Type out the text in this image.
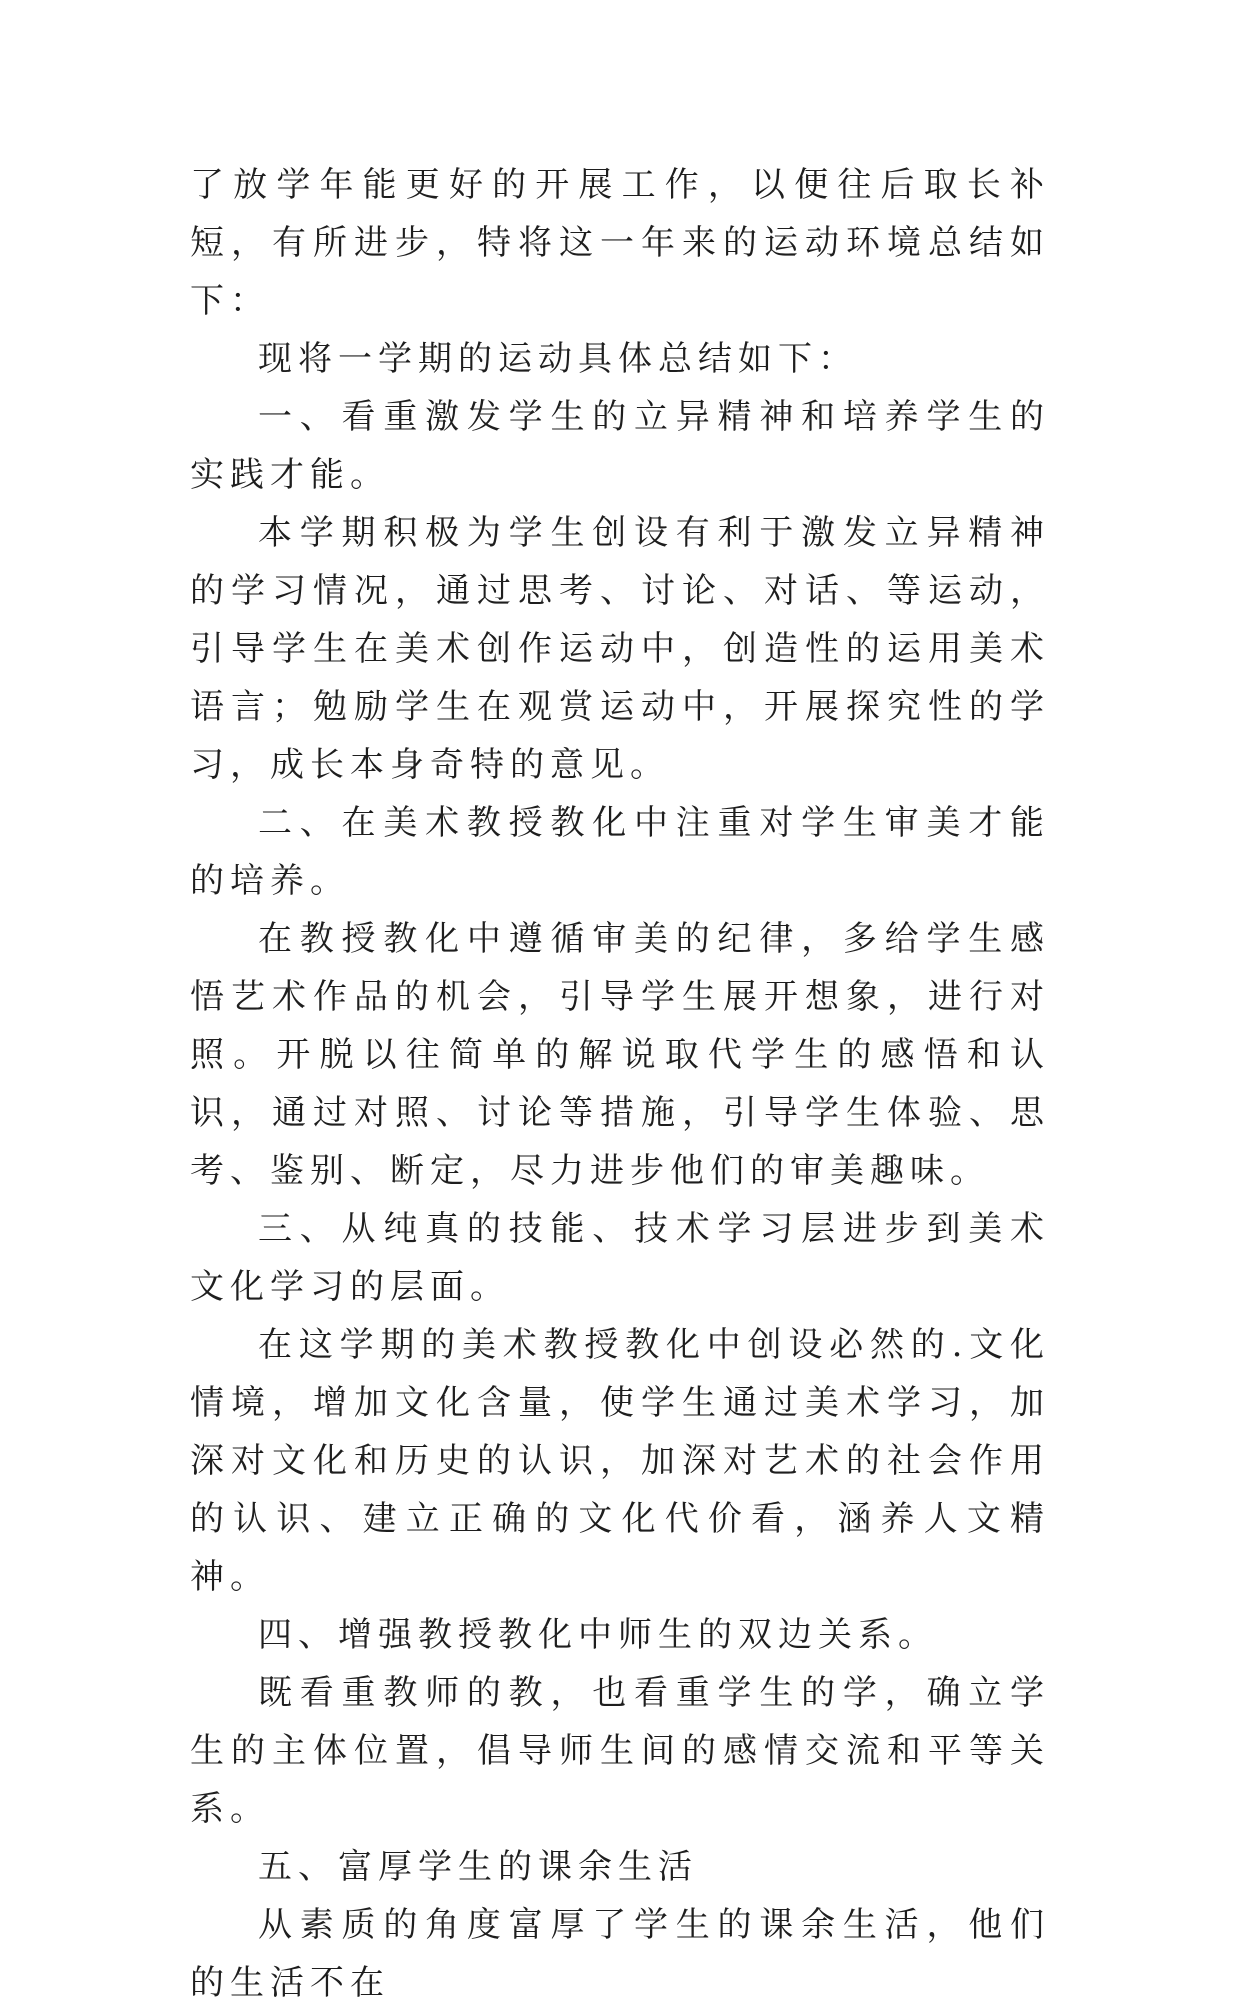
了放学年能更好的开展工作，以便往后取长补短，有所进步，特将这一年来的运动环境总结如下：

现将一学期的运动具体总结如下：

一、看重激发学生的立异精神和培养学生的实践才能。

本学期积极为学生创设有利于激发立异精神的学习情况，通过思考、讨论、对话、等运动，引导学生在美术创作运动中，创造性的运用美术语言；勉励学生在观赏运动中，开展探究性的学习，成长本身奇特的意见。

二、在美术教授教化中注重对学生审美才能的培养。

在教授教化中遵循审美的纪律，多给学生感悟艺术作品的机会，引导学生展开想象，进行对照。开脱以往简单的解说取代学生的感悟和认识，通过对照、讨论等措施，引导学生体验、思考、鉴别、断定，尽力进步他们的审美趣味。

三、从纯真的技能、技术学习层进步到美术文化学习的层面。

在这学期的美术教授教化中创设必然的.文化情境，增加文化含量，使学生通过美术学习，加深对文化和历史的认识，加深对艺术的社会作用的认识、建立正确的文化代价看，涵养人文精神。

四、增强教授教化中师生的双边关系。

既看重教师的教，也看重学生的学，确立学生的主体位置，倡导师生间的感情交流和平等关系。

五、富厚学生的课余生活

从素质的角度富厚了学生的课余生活，他们的生活不在
